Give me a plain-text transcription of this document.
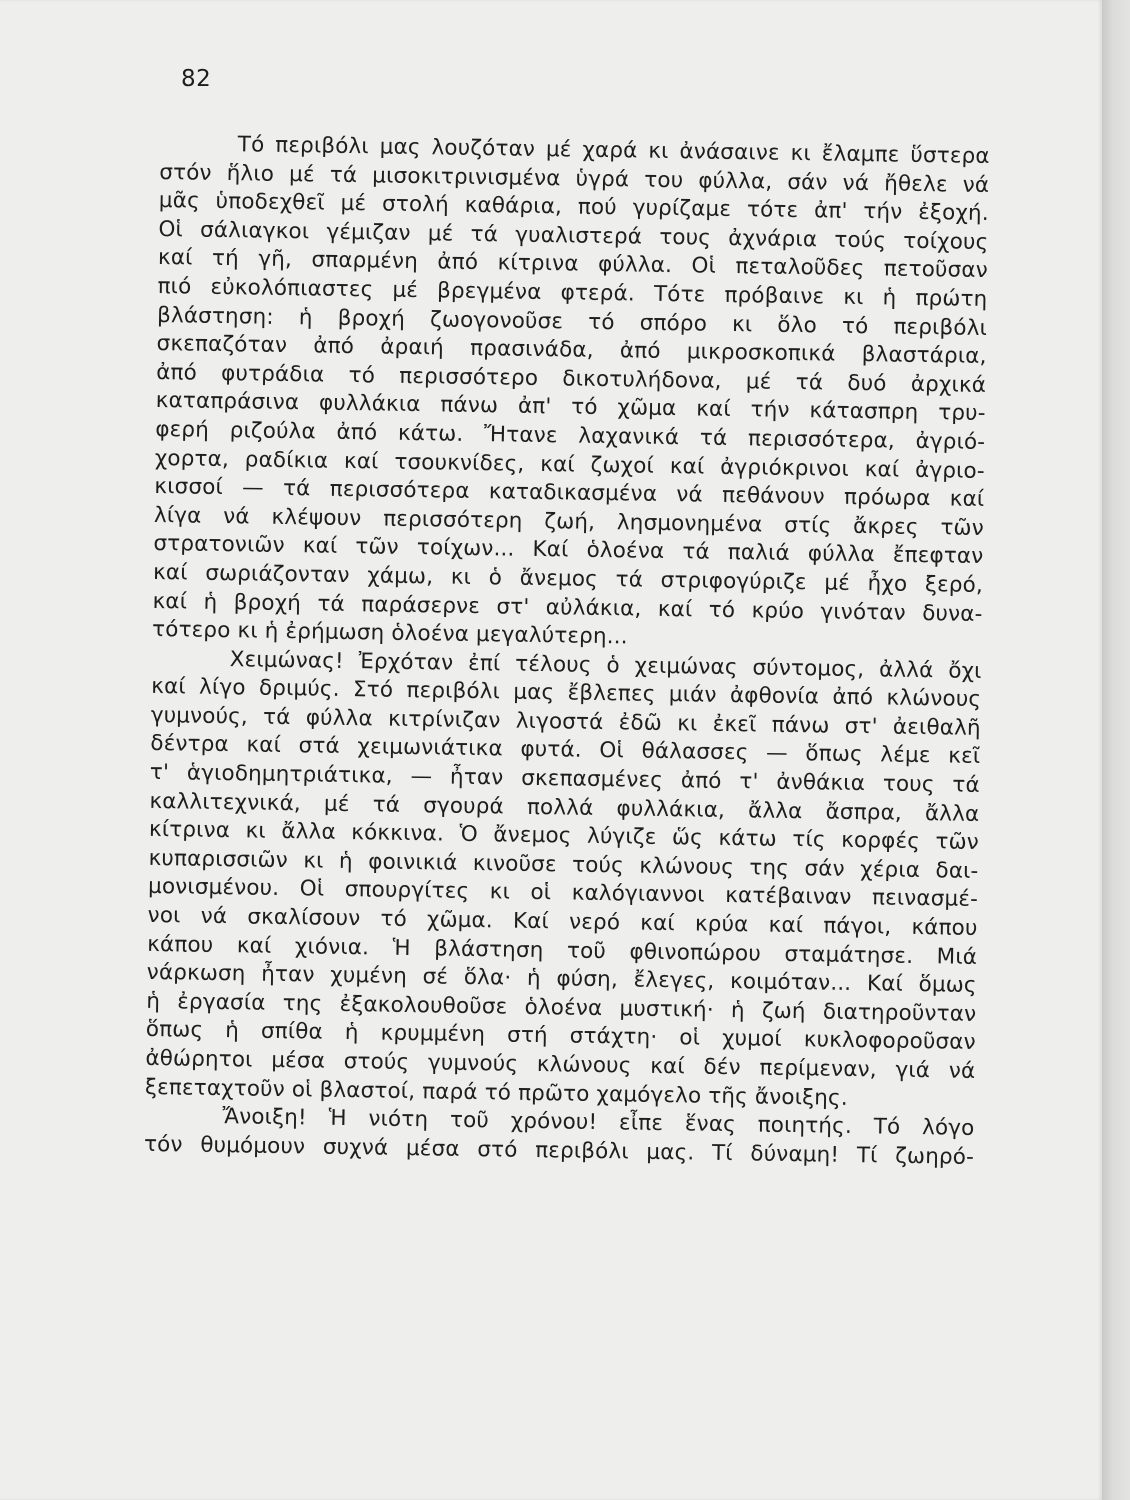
82

Τό περιβόλι μας λουζόταν μέ χαρά κι ἀνάσαινε κι ἔλαμπε ὕστερα
στόν ἥλιο μέ τά μισοκιτρινισμένα ὑγρά του φύλλα, σάν νά ἤθελε νά
μᾶς ὑποδεχθεῖ μέ στολή καθάρια, πού γυρίζαμε τότε ἀπ' τήν ἐξοχή.
Οἱ σάλιαγκοι γέμιζαν μέ τά γυαλιστερά τους ἀχνάρια τούς τοίχους
καί τή γῆ, σπαρμένη ἀπό κίτρινα φύλλα. Οἱ πεταλοῦδες πετοῦσαν
πιό εὐκολόπιαστες μέ βρεγμένα φτερά. Τότε πρόβαινε κι ἡ πρώτη
βλάστηση: ἡ βροχή ζωογονοῦσε τό σπόρο κι ὅλο τό περιβόλι
σκεπαζόταν ἀπό ἀραιή πρασινάδα, ἀπό μικροσκοπικά βλαστάρια,
ἀπό φυτράδια τό περισσότερο δικοτυλήδονα, μέ τά δυό ἀρχικά
καταπράσινα φυλλάκια πάνω ἀπ' τό χῶμα καί τήν κάτασπρη τρυ-
φερή ριζούλα ἀπό κάτω. Ἤτανε λαχανικά τά περισσότερα, ἀγριό-
χορτα, ραδίκια καί τσουκνίδες, καί ζωχοί καί ἀγριόκρινοι καί ἀγριο-
κισσοί — τά περισσότερα καταδικασμένα νά πεθάνουν πρόωρα καί
λίγα νά κλέψουν περισσότερη ζωή, λησμονημένα στίς ἄκρες τῶν
στρατονιῶν καί τῶν τοίχων... Καί ὁλοένα τά παλιά φύλλα ἔπεφταν
καί σωριάζονταν χάμω, κι ὁ ἄνεμος τά στριφογύριζε μέ ἦχο ξερό,
καί ἡ βροχή τά παράσερνε στ' αὐλάκια, καί τό κρύο γινόταν δυνα-
τότερο κι ἡ ἐρήμωση ὁλοένα μεγαλύτερη...

Χειμώνας! Ἐρχόταν ἐπί τέλους ὁ χειμώνας σύντομος, ἀλλά ὄχι
καί λίγο δριμύς. Στό περιβόλι μας ἔβλεπες μιάν ἀφθονία ἀπό κλώνους
γυμνούς, τά φύλλα κιτρίνιζαν λιγοστά ἐδῶ κι ἐκεῖ πάνω στ' ἀειθαλῆ
δέντρα καί στά χειμωνιάτικα φυτά. Οἱ θάλασσες — ὅπως λέμε κεῖ
τ' ἁγιοδημητριάτικα, — ἦταν σκεπασμένες ἀπό τ' ἀνθάκια τους τά
καλλιτεχνικά, μέ τά σγουρά πολλά φυλλάκια, ἄλλα ἄσπρα, ἄλλα
κίτρινα κι ἄλλα κόκκινα. Ὁ ἄνεμος λύγιζε ὥς κάτω τίς κορφές τῶν
κυπαρισσιῶν κι ἡ φοινικιά κινοῦσε τούς κλώνους της σάν χέρια δαι-
μονισμένου. Οἱ σπουργίτες κι οἱ καλόγιαννοι κατέβαιναν πεινασμέ-
νοι νά σκαλίσουν τό χῶμα. Καί νερό καί κρύα καί πάγοι, κάπου
κάπου καί χιόνια. Ἡ βλάστηση τοῦ φθινοπώρου σταμάτησε. Μιά
νάρκωση ἦταν χυμένη σέ ὅλα· ἡ φύση, ἔλεγες, κοιμόταν... Καί ὅμως
ἡ ἐργασία της ἐξακολουθοῦσε ὁλοένα μυστική· ἡ ζωή διατηροῦνταν
ὅπως ἡ σπίθα ἡ κρυμμένη στή στάχτη· οἱ χυμοί κυκλοφοροῦσαν
ἀθώρητοι μέσα στούς γυμνούς κλώνους καί δέν περίμεναν, γιά νά
ξεπεταχτοῦν οἱ βλαστοί, παρά τό πρῶτο χαμόγελο τῆς ἄνοιξης.

Ἄνοιξη! Ἡ νιότη τοῦ χρόνου! εἶπε ἕνας ποιητής. Τό λόγο
τόν θυμόμουν συχνά μέσα στό περιβόλι μας. Τί δύναμη! Τί ζωηρό-
